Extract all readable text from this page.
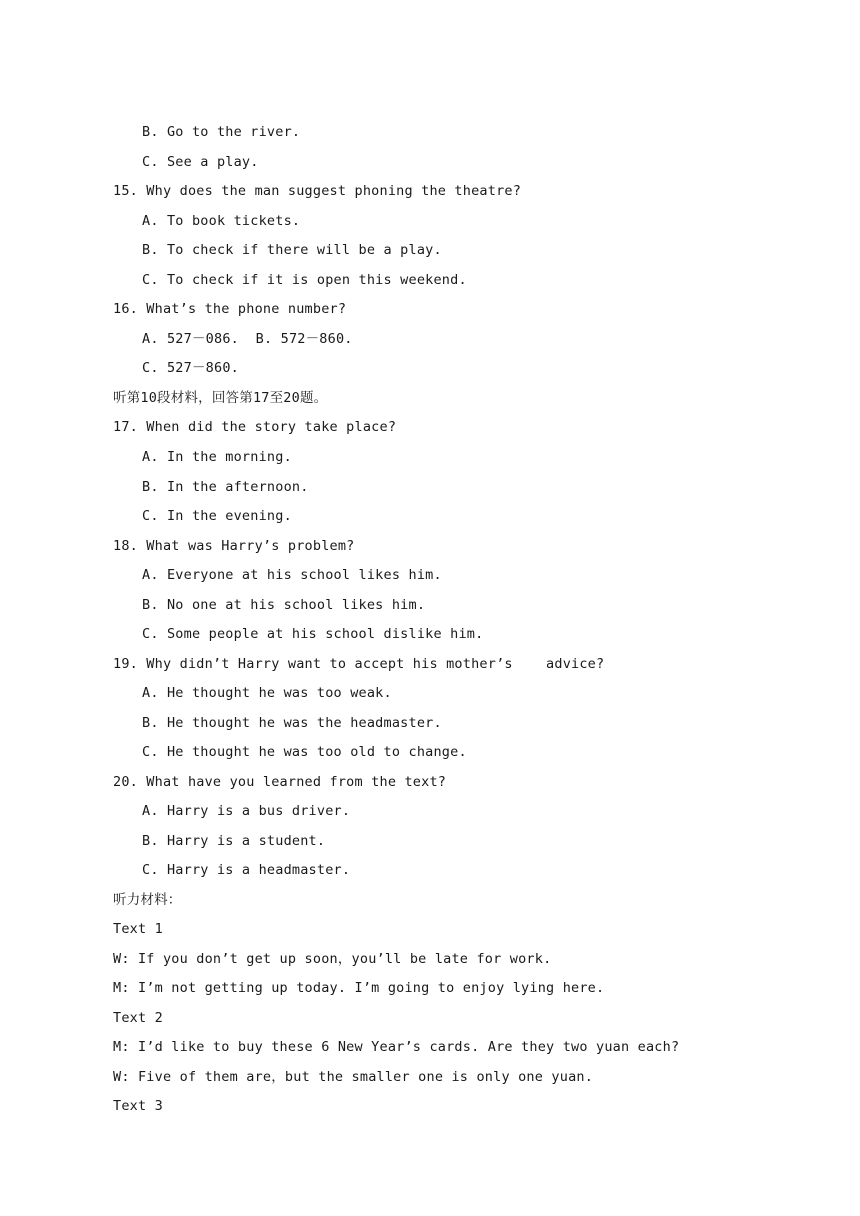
B. Go to the river.
C. See a play.
15. Why does the man suggest phoning the theatre?
A. To book tickets.
B. To check if there will be a play.
C. To check if it is open this weekend.
16. What’s the phone number?
A. 527－086.  B. 572－860.
C. 527－860.
听第10段材料，回答第17至20题。
17. When did the story take place?
A. In the morning.
B. In the afternoon.
C. In the evening.
18. What was Harry’s problem?
A. Everyone at his school likes him.
B. No one at his school likes him.
C. Some people at his school dislike him.
19. Why didn’t Harry want to accept his mother’s    advice?
A. He thought he was too weak.
B. He thought he was the headmaster.
C. He thought he was too old to change.
20. What have you learned from the text?
A. Harry is a bus driver.
B. Harry is a student.
C. Harry is a headmaster.
听力材料：
Text 1
W: If you don’t get up soon，you’ll be late for work.
M: I’m not getting up today. I’m going to enjoy lying here.
Text 2
M: I’d like to buy these 6 New Year’s cards. Are they two yuan each?
W: Five of them are，but the smaller one is only one yuan.
Text 3
